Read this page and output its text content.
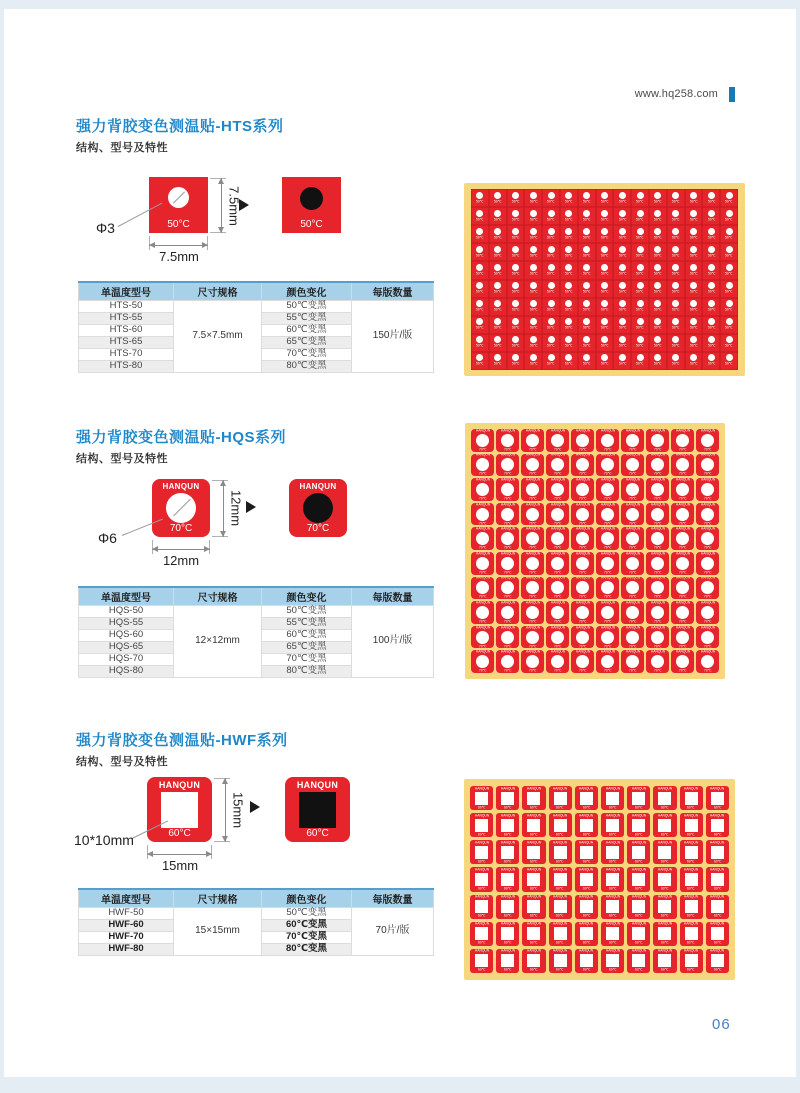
www.hq258.com
强力背胶变色测温贴-HTS系列
结构、型号及特性
50°C	7.5mm
7.5mm
Φ3	50°C
单温度型号	尺寸规格	颜色变化	每版数量
HTS-50	7.5×7.5mm	50℃变黑	150片/版
HTS-55		55℃变黑	
HTS-60		60℃变黑	
HTS-65		65℃变黑	
HTS-70		70℃变黑	
HTS-80		80℃变黑	
50℃ 50℃ 50℃ 50℃ 50℃ 50℃ 50℃ 50℃ 50℃ 50℃ 50℃ 50℃ 50℃ 50℃ 50℃
50℃ 50℃ 50℃ 50℃ 50℃ 50℃ 50℃ 50℃ 50℃ 50℃ 50℃ 50℃ 50℃ 50℃ 50℃
50℃ 50℃ 50℃ 50℃ 50℃ 50℃ 50℃ 50℃ 50℃ 50℃ 50℃ 50℃ 50℃ 50℃ 50℃
50℃ 50℃ 50℃ 50℃ 50℃ 50℃ 50℃ 50℃ 50℃ 50℃ 50℃ 50℃ 50℃ 50℃ 50℃
50℃ 50℃ 50℃ 50℃ 50℃ 50℃ 50℃ 50℃ 50℃ 50℃ 50℃ 50℃ 50℃ 50℃ 50℃
50℃ 50℃ 50℃ 50℃ 50℃ 50℃ 50℃ 50℃ 50℃ 50℃ 50℃ 50℃ 50℃ 50℃ 50℃
50℃ 50℃ 50℃ 50℃ 50℃ 50℃ 50℃ 50℃ 50℃ 50℃ 50℃ 50℃ 50℃ 50℃ 50℃
50℃ 50℃ 50℃ 50℃ 50℃ 50℃ 50℃ 50℃ 50℃ 50℃ 50℃ 50℃ 50℃ 50℃ 50℃
50℃ 50℃ 50℃ 50℃ 50℃ 50℃ 50℃ 50℃ 50℃ 50℃ 50℃ 50℃ 50℃ 50℃ 50℃
50℃ 50℃ 50℃ 50℃ 50℃ 50℃ 50℃ 50℃ 50℃ 50℃ 50℃ 50℃ 50℃ 50℃ 50℃
强力背胶变色测温贴-HQS系列
结构、型号及特性
HANQUN
70°C
12mm
12mm
Φ6
HANQUN
70°C
单温度型号	尺寸规格	颜色变化	每版数量
HQS-50	12×12mm	50℃变黑	100片/版
HQS-55		55℃变黑	
HQS-60		60℃变黑	
HQS-65		65℃变黑	
HQS-70		70℃变黑	
HQS-80		80℃变黑	
HANQUN
70℃
HANQUN
70℃
HANQUN
70℃
HANQUN
70℃
HANQUN
70℃
HANQUN
70℃
HANQUN
70℃
HANQUN
70℃
HANQUN
70℃
HANQUN
70℃
HANQUN
70℃
HANQUN
70℃
HANQUN
70℃
HANQUN
70℃
HANQUN
70℃
HANQUN
70℃
HANQUN
70℃
HANQUN
70℃
HANQUN
70℃
HANQUN
70℃
HANQUN
70℃
HANQUN
70℃
HANQUN
70℃
HANQUN
70℃
HANQUN
70℃
HANQUN
70℃
HANQUN
70℃
HANQUN
70℃
HANQUN
70℃
HANQUN
70℃
HANQUN
70℃
HANQUN
70℃
HANQUN
70℃
HANQUN
70℃
HANQUN
70℃
HANQUN
70℃
HANQUN
70℃
HANQUN
70℃
HANQUN
70℃
HANQUN
70℃
HANQUN
70℃
HANQUN
70℃
HANQUN
70℃
HANQUN
70℃
HANQUN
70℃
HANQUN
70℃
HANQUN
70℃
HANQUN
70℃
HANQUN
70℃
HANQUN
70℃
HANQUN
70℃
HANQUN
70℃
HANQUN
70℃
HANQUN
70℃
HANQUN
70℃
HANQUN
70℃
HANQUN
70℃
HANQUN
70℃
HANQUN
70℃
HANQUN
70℃
HANQUN
70℃
HANQUN
70℃
HANQUN
70℃
HANQUN
70℃
HANQUN
70℃
HANQUN
70℃
HANQUN
70℃
HANQUN
70℃
HANQUN
70℃
HANQUN
70℃
HANQUN
70℃
HANQUN
70℃
HANQUN
70℃
HANQUN
70℃
HANQUN
70℃
HANQUN
70℃
HANQUN
70℃
HANQUN
70℃
HANQUN
70℃
HANQUN
70℃
HANQUN
70℃
HANQUN
70℃
HANQUN
70℃
HANQUN
70℃
HANQUN
70℃
HANQUN
70℃
HANQUN
70℃
HANQUN
70℃
HANQUN
70℃
HANQUN
70℃
HANQUN
70℃
HANQUN
70℃
HANQUN
70℃
HANQUN
70℃
HANQUN
70℃
HANQUN
70℃
HANQUN
70℃
HANQUN
70℃
HANQUN
70℃
HANQUN
70℃
强力背胶变色测温贴-HWF系列
结构、型号及特性
HANQUN
60°C
15mm
15mm
10*10mm
HANQUN
60°C
单温度型号	尺寸规格	颜色变化	每版数量
HWF-50	15×15mm	50℃变黑	70片/版
HWF-60		60℃变黑	
HWF-70		70℃变黑	
HWF-80		80℃变黑	
HANQUN
60℃
HANQUN
60℃
HANQUN
60℃
HANQUN
60℃
HANQUN
60℃
HANQUN
60℃
HANQUN
60℃
HANQUN
60℃
HANQUN
60℃
HANQUN
60℃
HANQUN
60℃
HANQUN
60℃
HANQUN
60℃
HANQUN
60℃
HANQUN
60℃
HANQUN
60℃
HANQUN
60℃
HANQUN
60℃
HANQUN
60℃
HANQUN
60℃
HANQUN
60℃
HANQUN
60℃
HANQUN
60℃
HANQUN
60℃
HANQUN
60℃
HANQUN
60℃
HANQUN
60℃
HANQUN
60℃
HANQUN
60℃
HANQUN
60℃
HANQUN
60℃
HANQUN
60℃
HANQUN
60℃
HANQUN
60℃
HANQUN
60℃
HANQUN
60℃
HANQUN
60℃
HANQUN
60℃
HANQUN
60℃
HANQUN
60℃
HANQUN
60℃
HANQUN
60℃
HANQUN
60℃
HANQUN
60℃
HANQUN
60℃
HANQUN
60℃
HANQUN
60℃
HANQUN
60℃
HANQUN
60℃
HANQUN
60℃
HANQUN
60℃
HANQUN
60℃
HANQUN
60℃
HANQUN
60℃
HANQUN
60℃
HANQUN
60℃
HANQUN
60℃
HANQUN
60℃
HANQUN
60℃
HANQUN
60℃
HANQUN
60℃
HANQUN
60℃
HANQUN
60℃
HANQUN
60℃
HANQUN
60℃
HANQUN
60℃
HANQUN
60℃
HANQUN
60℃
HANQUN
60℃
HANQUN
60℃
06
